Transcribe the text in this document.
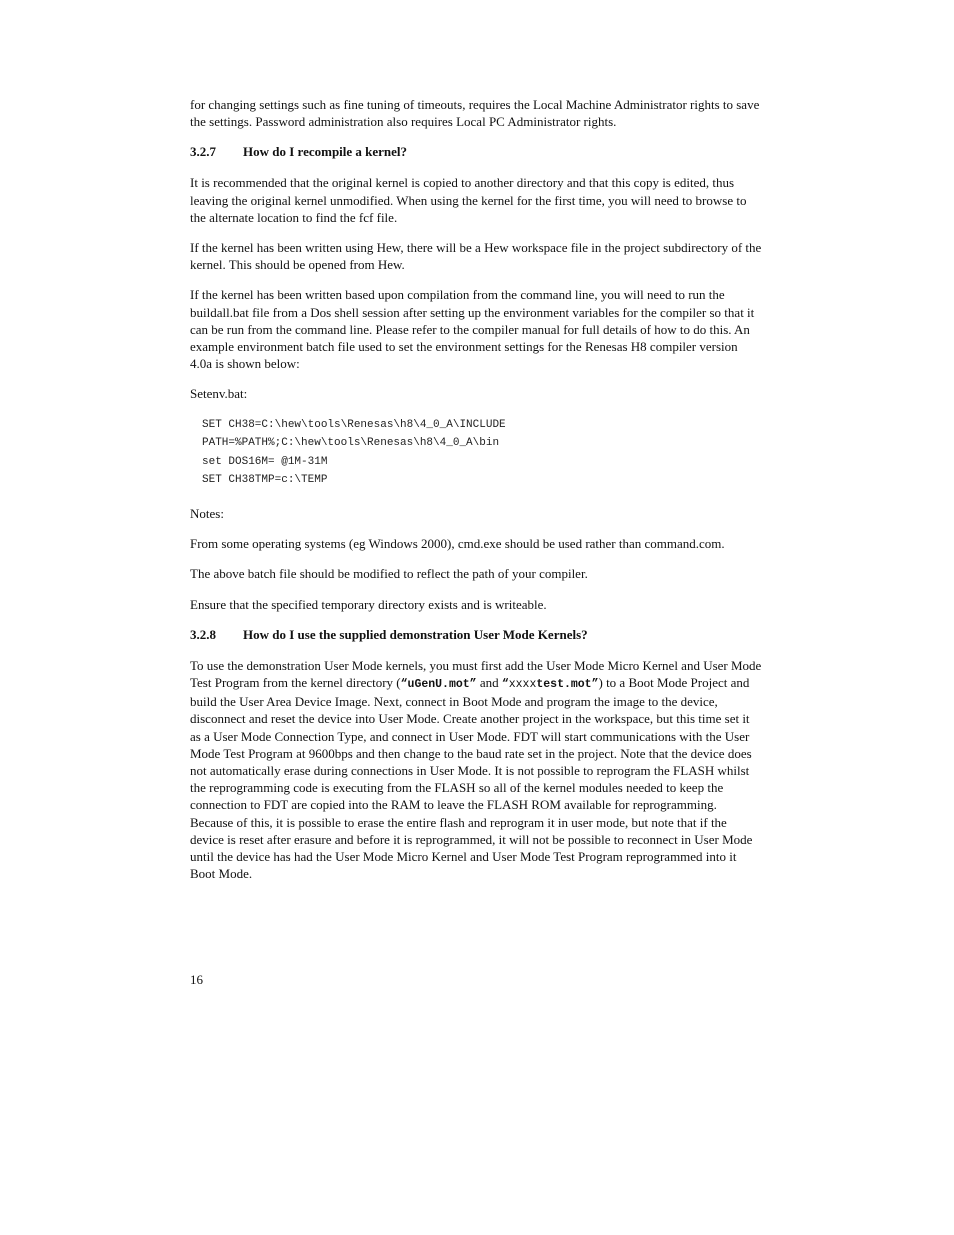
for changing settings such as fine tuning of timeouts, requires the Local Machine Administrator rights to save the settings. Password administration also requires Local PC Administrator rights.

3.2.7 How do I recompile a kernel?

It is recommended that the original kernel is copied to another directory and that this copy is edited, thus leaving the original kernel unmodified. When using the kernel for the first time, you will need to browse to the alternate location to find the fcf file.

If the kernel has been written using Hew, there will be a Hew workspace file in the project subdirectory of the kernel. This should be opened from Hew.

If the kernel has been written based upon compilation from the command line, you will need to run the buildall.bat file from a Dos shell session after setting up the environment variables for the compiler so that it can be run from the command line. Please refer to the compiler manual for full details of how to do this. An example environment batch file used to set the environment settings for the Renesas H8 compiler version 4.0a is shown below:

Setenv.bat:

SET CH38=C:\hew\tools\Renesas\h8\4_0_A\INCLUDE
PATH=%PATH%;C:\hew\tools\Renesas\h8\4_0_A\bin
set DOS16M= @1M-31M
SET CH38TMP=c:\TEMP

Notes:

From some operating systems (eg Windows 2000), cmd.exe should be used rather than command.com.

The above batch file should be modified to reflect the path of your compiler.

Ensure that the specified temporary directory exists and is writeable.

3.2.8 How do I use the supplied demonstration User Mode Kernels?

To use the demonstration User Mode kernels, you must first add the User Mode Micro Kernel and User Mode Test Program from the kernel directory (“uGenU.mot” and “xxxxtest.mot”) to a Boot Mode Project and build the User Area Device Image. Next, connect in Boot Mode and program the image to the device, disconnect and reset the device into User Mode. Create another project in the workspace, but this time set it as a User Mode Connection Type, and connect in User Mode. FDT will start communications with the User Mode Test Program at 9600bps and then change to the baud rate set in the project. Note that the device does not automatically erase during connections in User Mode. It is not possible to reprogram the FLASH whilst the reprogramming code is executing from the FLASH so all of the kernel modules needed to keep the connection to FDT are copied into the RAM to leave the FLASH ROM available for reprogramming. Because of this, it is possible to erase the entire flash and reprogram it in user mode, but note that if the device is reset after erasure and before it is reprogrammed, it will not be possible to reconnect in User Mode until the device has had the User Mode Micro Kernel and User Mode Test Program reprogrammed into it Boot Mode.

16
